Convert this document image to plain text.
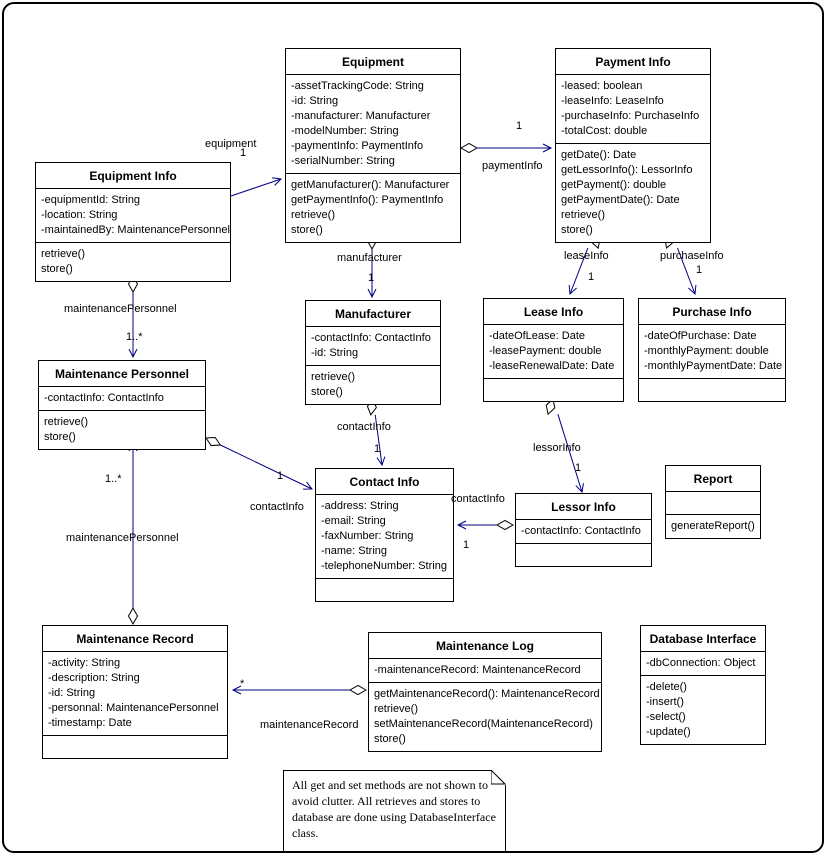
Equipment
-assetTrackingCode: String
-id: String
-manufacturer: Manufacturer
-modelNumber: String
-paymentInfo: PaymentInfo
-serialNumber: String
getManufacturer(): Manufacturer
getPaymentInfo(): PaymentInfo
retrieve()
store()
Payment Info
-leased: boolean
-leaseInfo: LeaseInfo
-purchaseInfo: PurchaseInfo
-totalCost: double
getDate(): Date
getLessorInfo(): LessorInfo
getPayment(): double
getPaymentDate(): Date
retrieve()
store()
Equipment Info
-equipmentId: String
-location: String
-maintainedBy: MaintenancePersonnel
retrieve()
store()
Manufacturer
-contactInfo: ContactInfo
-id: String
retrieve()
store()
Lease Info
-dateOfLease: Date
-leasePayment: double
-leaseRenewalDate: Date
Purchase Info
-dateOfPurchase: Date
-monthlyPayment: double
-monthlyPaymentDate: Date
Maintenance Personnel
-contactInfo: ContactInfo
retrieve()
store()
Contact Info
-address: String
-email: String
-faxNumber: String
-name: String
-telephoneNumber: String
Lessor Info
-contactInfo: ContactInfo
Report
generateReport()
Maintenance Record
-activity: String
-description: String
-id: String
-personnal: MaintenancePersonnel
-timestamp: Date
Maintenance Log
-maintenanceRecord: MaintenanceRecord
getMaintenanceRecord(): MaintenanceRecord
retrieve()
setMaintenanceRecord(MaintenanceRecord)
store()
Database Interface
-dbConnection: Object
-delete()
-insert()
-select()
-update()
All get and set methods are not shown to avoid clutter. All retrieves and stores to database are done using DatabaseInterface class.
equipment
1
1
paymentInfo
manufacturer
1
leaseInfo
1
purchaseInfo
1
maintenancePersonnel
1..*
1
contactInfo
contactInfo
1	lessorInfo
1
contactInfo
1
1..*
maintenancePersonnel
*
maintenanceRecord
